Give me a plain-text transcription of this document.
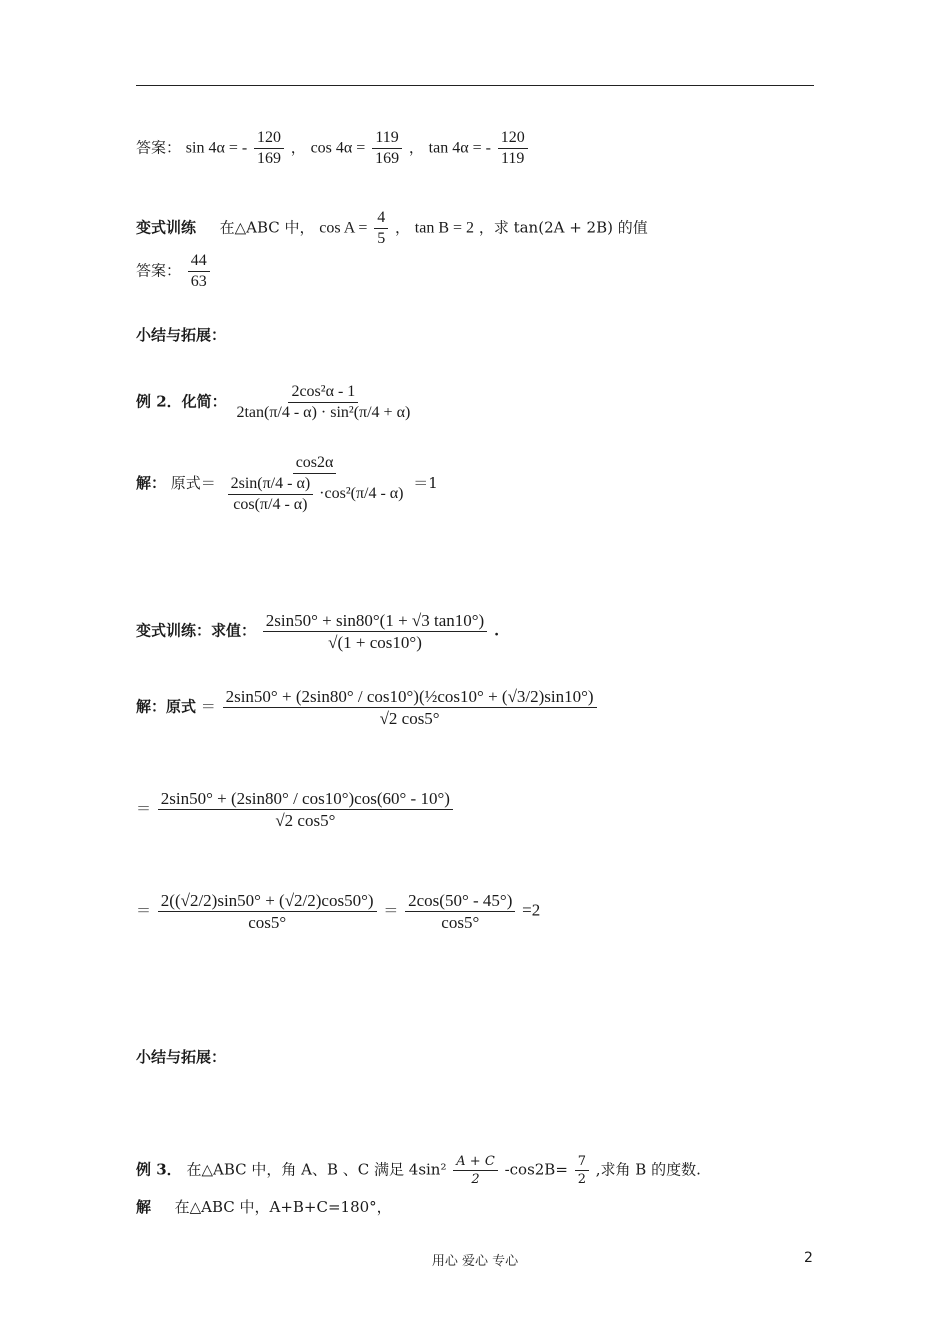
答案： sin 4α = - $\frac{120}{169}$ ， $\cos 4\alpha = \frac{119}{169}$ ， tan 4α = - $\frac{120}{119}$
变式训练 在△ABC 中， $\cos A = \frac{4}{5}$ ， tan B = 2 ，求 tan(2A + 2B) 的值
答案： $\frac{44}{63}$
小结与拓展：
例 2．化简： $\frac{\text{2cos²α - 1}}{\text{2tan(π/4 - α) · sin²(π/4 + α)}}$
解： 原式＝ $\frac{\cos 2\alpha}{\frac{2\sin(\pi/4 - \alpha)}{\cos(\pi/4 - \alpha)} \cdot\cos^2(\pi/4 - \alpha)} =1$
变式训练：求值： $\frac{2\sin 50^\circ + \sin 80^\circ(1 + √3 \tan 10^\circ)}{√(1 + \cos 10^\circ)}$ .
解：原式 ＝ $\frac{\text{2sin50° + (2sin80° / cos10°)(½cos10° + (√3/2)sin10°)}}{√2 \cos 5^\circ}$
＝ $\frac{2\sin 50^\circ + (2\sin 80^\circ / \cos 10^\circ)\cos(60^\circ - 10^\circ)}{√2 \cos 5^\circ}$
＝ $\frac{2((√2/2)\sin 50^\circ + (√2/2)\cos 50^\circ)}{\cos 5^\circ} = \frac{2\cos(50^\circ - 45^\circ)}{\cos 5^\circ} =2$
小结与拓展：
例 3． 在△ABC 中，角 A、B 、C 满足 $4\sin^2 \frac{A + C}{2} -\cos 2B= \frac{7}{2}$ ,求角 B 的度数.
解 在△ABC 中，A+B+C=180°，
用心 爱心 专心	2
